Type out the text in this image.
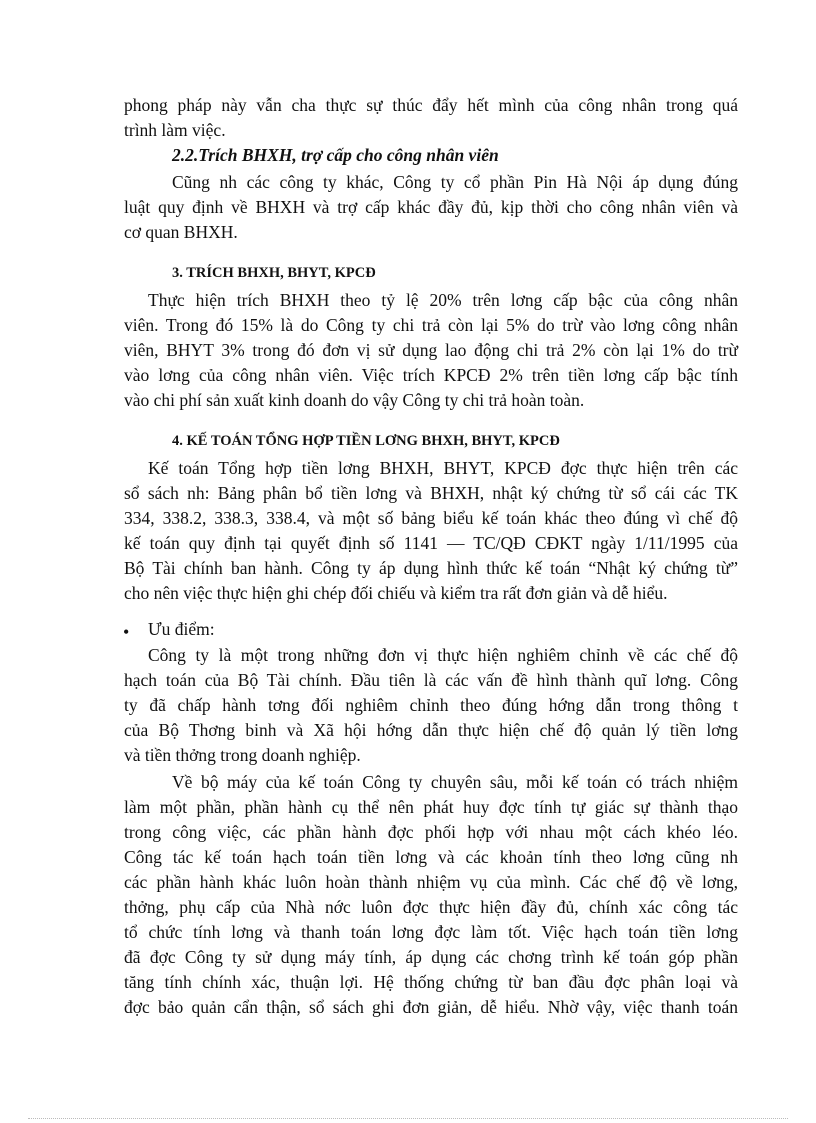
phong pháp này vẫn cha thực sự thúc đẩy hết mình của công nhân trong quá
trình làm việc.
2.2.Trích BHXH, trợ cấp cho công nhân viên
Cũng nh các công ty khác, Công ty cổ phần Pin Hà Nội áp dụng đúng
luật quy định về BHXH và trợ cấp khác đầy đủ, kịp thời cho công nhân viên và
cơ quan BHXH.
3. TRÍCH BHXH, BHYT, KPCĐ
Thực hiện trích BHXH theo tỷ lệ 20% trên lơng cấp bậc của công nhân
viên. Trong đó 15% là do Công ty chi trả còn lại 5% do trừ vào lơng công nhân
viên, BHYT 3% trong đó đơn vị sử dụng lao động chi trả 2% còn lại 1% do trừ
vào lơng của công nhân viên. Việc trích KPCĐ 2% trên tiền lơng cấp bậc tính
vào chi phí sản xuất kinh doanh do vậy Công ty chi trả hoàn toàn.
4. KẾ TOÁN TỔNG HỢP TIỀN LƠNG BHXH, BHYT, KPCĐ
Kế toán Tổng hợp tiền lơng BHXH, BHYT, KPCĐ đợc thực hiện trên các
sổ sách nh: Bảng phân bổ tiền lơng và BHXH, nhật ký chứng từ sổ cái các TK
334, 338.2, 338.3, 338.4, và một số bảng biểu kế toán khác theo đúng vì chế độ
kế toán quy định tại quyết định số 1141 — TC/QĐ CĐKT ngày 1/11/1995 của
Bộ Tài chính ban hành. Công ty áp dụng hình thức kế toán “Nhật ký chứng từ”
cho nên việc thực hiện ghi chép đối chiếu và kiểm tra rất đơn giản và dễ hiểu.
• Ưu điểm:
Công ty là một trong những đơn vị thực hiện nghiêm chỉnh về các chế độ
hạch toán của Bộ Tài chính. Đầu tiên là các vấn đề hình thành quĩ lơng. Công
ty đã chấp hành tơng đối nghiêm chỉnh theo đúng hớng dẫn trong thông t
của Bộ Thơng binh và Xã hội hớng dẫn thực hiện chế độ quản lý tiền lơng
và tiền thởng trong doanh nghiệp.
Về bộ máy của kế toán Công ty chuyên sâu, mỗi kế toán có trách nhiệm
làm một phần, phần hành cụ thể nên phát huy đợc tính tự giác sự thành thạo
trong công việc, các phần hành đợc phối hợp với nhau một cách khéo léo.
Công tác kế toán hạch toán tiền lơng và các khoản tính theo lơng cũng nh
các phần hành khác luôn hoàn thành nhiệm vụ của mình. Các chế độ về lơng,
thởng, phụ cấp của Nhà nớc luôn đợc thực hiện đầy đủ, chính xác công tác
tổ chức tính lơng và thanh toán lơng đợc làm tốt. Việc hạch toán tiền lơng
đã đợc Công ty sử dụng máy tính, áp dụng các chơng trình kế toán góp phần
tăng tính chính xác, thuận lợi. Hệ thống chứng từ ban đầu đợc phân loại và
đợc bảo quản cẩn thận, sổ sách ghi đơn giản, dễ hiểu. Nhờ vậy, việc thanh toán
